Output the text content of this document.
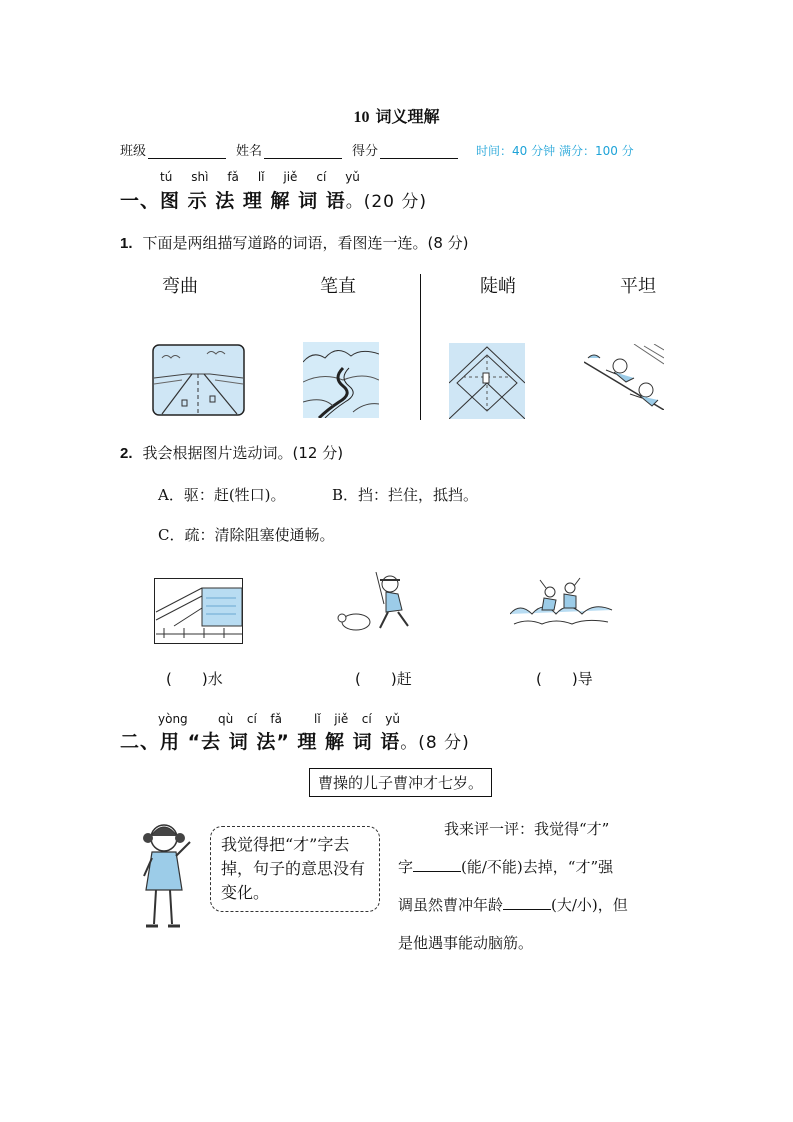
10 词义理解
班级	姓名	得分	时间：40 分钟 满分：100 分
tú shì fǎ lǐ jiě cí yǔ
一、图 示 法 理 解 词 语。(20 分)
1. 下面是两组描写道路的词语，看图连一连。(8 分)
弯曲	笔直	陡峭	平坦
2. 我会根据图片选动词。(12 分)
A．驱：赶(牲口)。	B．挡：拦住，抵挡。
C．疏：清除阻塞使通畅。
(　　)水	(　　)赶	(　　)导
yòng	qù cí fǎ	lǐ jiě cí yǔ
二、用 “去 词 法” 理 解 词 语。(8 分)
曹操的儿子曹冲才七岁。
我觉得把“才”字去掉，句子的意思没有变化。
我来评一评：我觉得“才”
字	(能/不能)去掉，“才”强
调虽然曹冲年龄	(大/小)，但
是他遇事能动脑筋。
